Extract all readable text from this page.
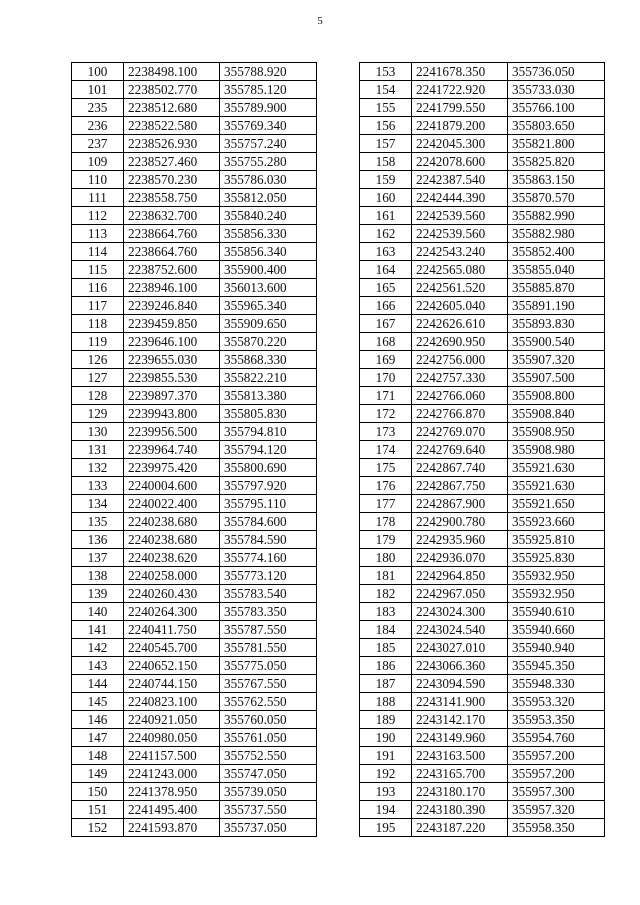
5
100	2238498.100	355788.920
101	2238502.770	355785.120
235	2238512.680	355789.900
236	2238522.580	355769.340
237	2238526.930	355757.240
109	2238527.460	355755.280
110	2238570.230	355786.030
111	2238558.750	355812.050
112	2238632.700	355840.240
113	2238664.760	355856.330
114	2238664.760	355856.340
115	2238752.600	355900.400
116	2238946.100	356013.600
117	2239246.840	355965.340
118	2239459.850	355909.650
119	2239646.100	355870.220
126	2239655.030	355868.330
127	2239855.530	355822.210
128	2239897.370	355813.380
129	2239943.800	355805.830
130	2239956.500	355794.810
131	2239964.740	355794.120
132	2239975.420	355800.690
133	2240004.600	355797.920
134	2240022.400	355795.110
135	2240238.680	355784.600
136	2240238.680	355784.590
137	2240238.620	355774.160
138	2240258.000	355773.120
139	2240260.430	355783.540
140	2240264.300	355783.350
141	2240411.750	355787.550
142	2240545.700	355781.550
143	2240652.150	355775.050
144	2240744.150	355767.550
145	2240823.100	355762.550
146	2240921.050	355760.050
147	2240980.050	355761.050
148	2241157.500	355752.550
149	2241243.000	355747.050
150	2241378.950	355739.050
151	2241495.400	355737.550
152	2241593.870	355737.050
153	2241678.350	355736.050
154	2241722.920	355733.030
155	2241799.550	355766.100
156	2241879.200	355803.650
157	2242045.300	355821.800
158	2242078.600	355825.820
159	2242387.540	355863.150
160	2242444.390	355870.570
161	2242539.560	355882.990
162	2242539.560	355882.980
163	2242543.240	355852.400
164	2242565.080	355855.040
165	2242561.520	355885.870
166	2242605.040	355891.190
167	2242626.610	355893.830
168	2242690.950	355900.540
169	2242756.000	355907.320
170	2242757.330	355907.500
171	2242766.060	355908.800
172	2242766.870	355908.840
173	2242769.070	355908.950
174	2242769.640	355908.980
175	2242867.740	355921.630
176	2242867.750	355921.630
177	2242867.900	355921.650
178	2242900.780	355923.660
179	2242935.960	355925.810
180	2242936.070	355925.830
181	2242964.850	355932.950
182	2242967.050	355932.950
183	2243024.300	355940.610
184	2243024.540	355940.660
185	2243027.010	355940.940
186	2243066.360	355945.350
187	2243094.590	355948.330
188	2243141.900	355953.320
189	2243142.170	355953.350
190	2243149.960	355954.760
191	2243163.500	355957.200
192	2243165.700	355957.200
193	2243180.170	355957.300
194	2243180.390	355957.320
195	2243187.220	355958.350
